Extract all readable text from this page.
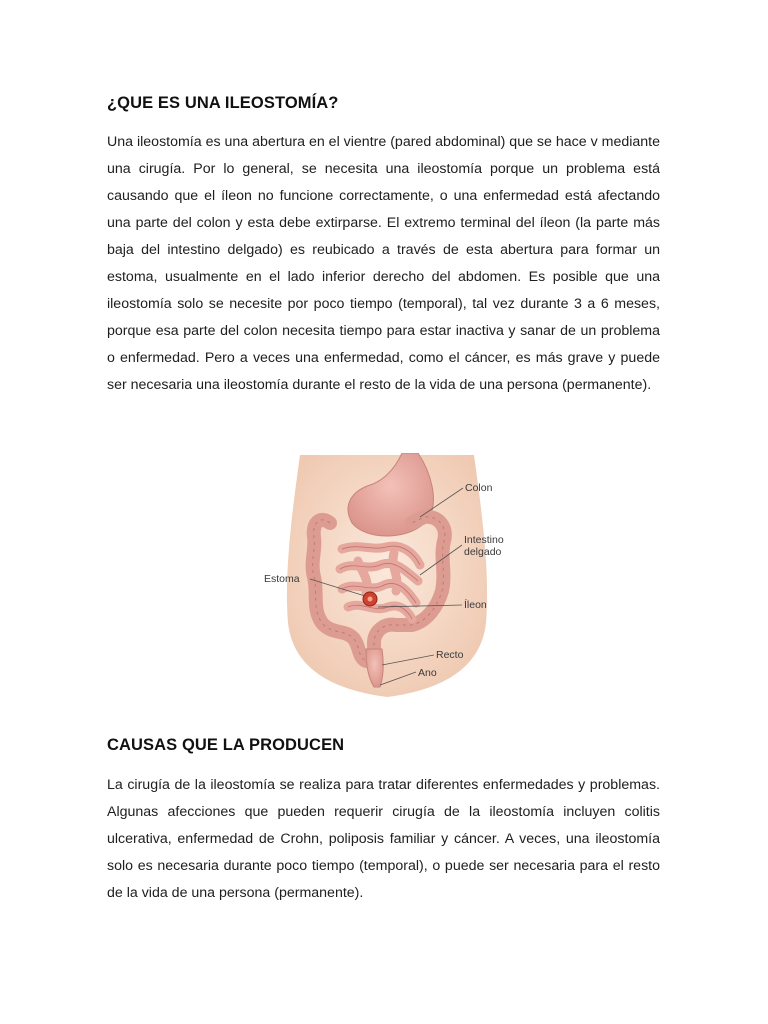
¿QUE ES UNA ILEOSTOMÍA?

Una ileostomía es una abertura en el vientre (pared abdominal) que se hace v mediante una cirugía. Por lo general, se necesita una ileostomía porque un problema está causando que el íleon no funcione correctamente, o una enfermedad está afectando una parte del colon y esta debe extirparse. El extremo terminal del íleon (la parte más baja del intestino delgado) es reubicado a través de esta abertura para formar un estoma, usualmente en el lado inferior derecho del abdomen. Es posible que una ileostomía solo se necesite por poco tiempo (temporal), tal vez durante 3 a 6 meses, porque esa parte del colon necesita tiempo para estar inactiva y sanar de un problema o enfermedad. Pero a veces una enfermedad, como el cáncer, es más grave y puede ser necesaria una ileostomía durante el resto de la vida de una persona (permanente).

Colon
Intestino
delgado
Estoma
Íleon
Recto
Ano
CAUSAS QUE LA PRODUCEN

La cirugía de la ileostomía se realiza para tratar diferentes enfermedades y problemas. Algunas afecciones que pueden requerir cirugía de la ileostomía incluyen colitis ulcerativa, enfermedad de Crohn, poliposis familiar y cáncer. A veces, una ileostomía solo es necesaria durante poco tiempo (temporal), o puede ser necesaria para el resto de la vida de una persona (permanente).
